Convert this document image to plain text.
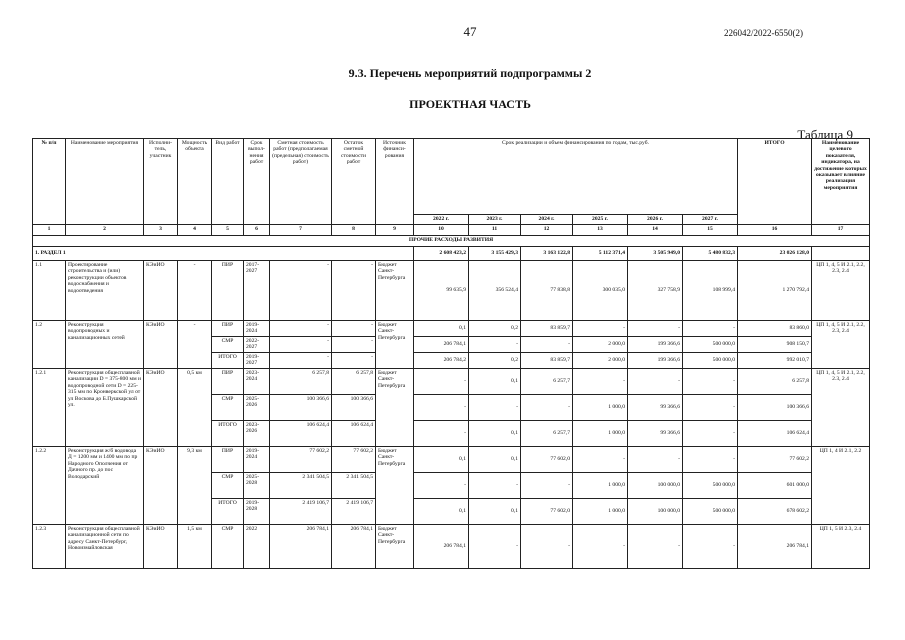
47	226042/2022-6550(2)
9.3. Перечень мероприятий подпрограммы 2
ПРОЕКТНАЯ ЧАСТЬ
Таблица 9
№ п/п	Наименование мероприятия	Исполни-тель, участник	Мощность объекта	Вид работ	Срок выпол-нения работ	Сметная стоимость работ (предполагаемая (предельная) стоимость работ)	Остаток сметной стоимости работ	Источник финанси-рования	Срок реализации и объем финансирования по годам, тыс.руб.						ИТОГО	Наименование целевого показателя, индикатора, на достижение которых оказывает влияние реализация мероприятия
									2022 г.	2023 г.	2024 г.	2025 г.	2026 г.	2027 г.		
1	2	3	4	5	6	7	8	9	10	11	12	13	14	15	16	17
ПРОЧИЕ РАСХОДЫ РАЗВИТИЯ																
1. РАЗДЕЛ 1									2 608 423,2	3 155 429,3	3 163 122,8	5 112 371,4	3 505 949,0	5 480 832,3	23 026 128,0	
1.1	Проектирование строительства и (или) реконструкции объектов водоснабжения и водоотведения	КЭиИО	-	ПИР	2017-2027	-	-	Бюджет Санкт-Петербурга	99 635,9	356 524,4	77 838,8	300 035,0	327 758,9	108 999,4	1 270 792,4	ЦП 1, 4, 5 И 2.1, 2.2, 2.3, 2.4
1.2	Реконструкция водопроводных и канализационных сетей	КЭиИО	-	ПИР	2019-2024	-	-	Бюджет Санкт-Петербурга	0,1	0,2	83 859,7	-	-	-	83 860,0	ЦП 1, 4, 5 И 2.1, 2.2, 2.3, 2.4
				СМР	2022-2027	-	-		206 784,1	-	-	2 000,0	199 366,6	500 000,0	908 150,7	
				ИТОГО	2019-2027	-	-		206 784,2	0,2	83 859,7	2 000,0	199 366,6	500 000,0	992 010,7	
1.2.1	Реконструкция общесплавной канализации D = 375-800 мм и водопроводной сети D = 225-315 мм по Кронверкской ул от ул Воскова до Б.Пушкарской ул.	КЭиИО	0,5 км	ПИР	2023-2024	6 257,8	6 257,8	Бюджет Санкт-Петербурга	-	0,1	6 257,7	-	-	-	6 257,8	ЦП 1, 4, 5 И 2.1, 2.2, 2.3, 2.4
				СМР	2025-2026	100 366,6	100 366,6		-	-	-	1 000,0	99 366,6	-	100 366,6	
				ИТОГО	2023-2026	106 624,4	106 624,4		-	0,1	6 257,7	1 000,0	99 366,6	-	106 624,4	
1.2.2	Реконструкция ж/б водовода Д = 1200 мм и 1400 мм по пр Народного Ополчения от Дачного пр. до пос Володарский	КЭиИО	9,3 км	ПИР	2019-2024	77 602,2	77 602,2	Бюджет Санкт-Петербурга	0,1	0,1	77 602,0	-	-	-	77 602,2	ЦП 1, 4 И 2.1, 2.2
				СМР	2025-2028	2 341 504,5	2 341 504,5		-	-	-	1 000,0	100 000,0	500 000,0	601 000,0	
				ИТОГО	2019-2028	2 419 106,7	2 419 106,7		0,1	0,1	77 602,0	1 000,0	100 000,0	500 000,0	678 602,2	
1.2.3	Реконструкция общесплавной канализационной сети по адресу Санкт-Петербург, Новоизмайловская	КЭиИО	1,5 км	СМР	2022	206 784,1	206 784,1	Бюджет Санкт-Петербурга	206 784,1	-	-	-	-	-	206 784,1	ЦП 1, 5 И 2.3, 2.4
